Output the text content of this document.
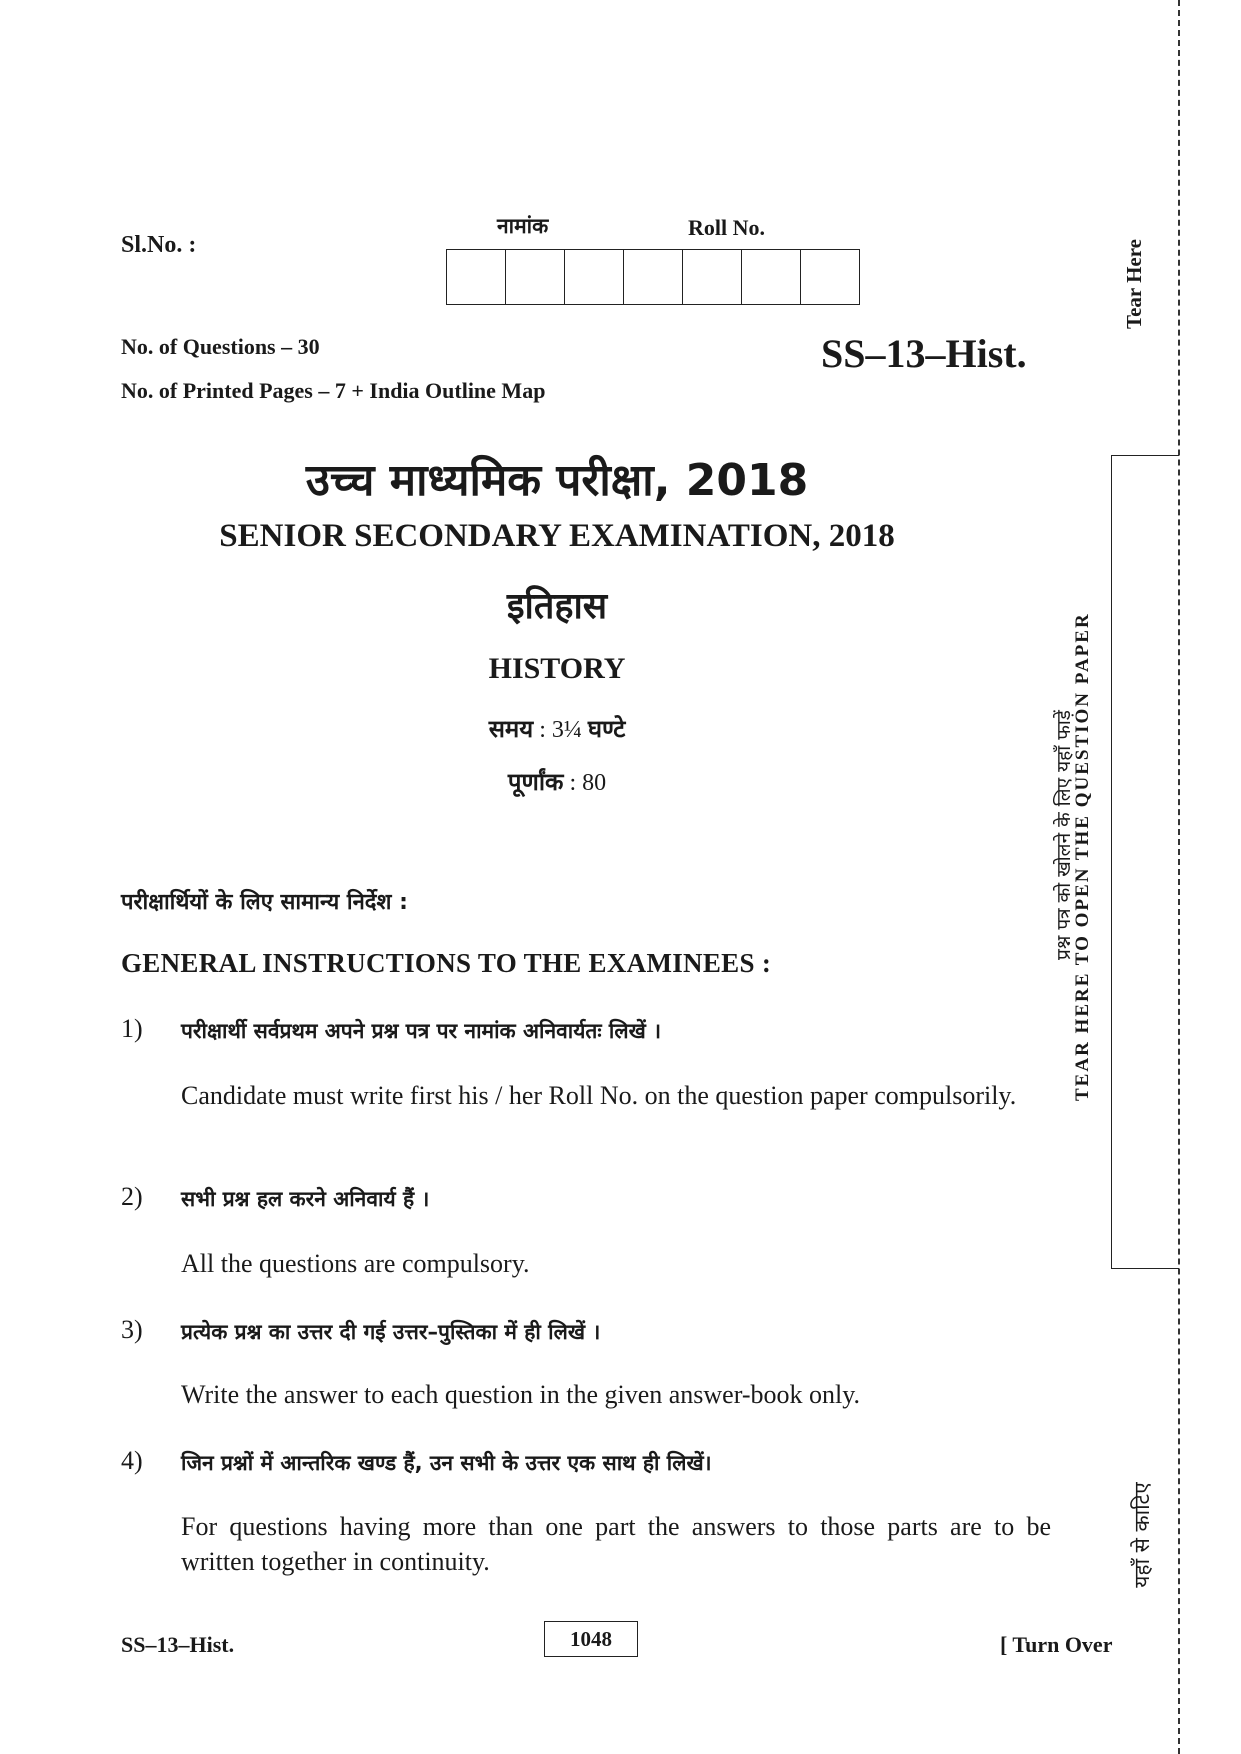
Sl.No. :
नामांक	Roll No.
No. of Questions – 30
No. of Printed Pages – 7 + India Outline Map
SS–13–Hist.
उच्च माध्यमिक परीक्षा, 2018
SENIOR SECONDARY EXAMINATION, 2018
इतिहास
HISTORY
समय : 3¼ घण्टे
पूर्णांक : 80
परीक्षार्थियों के लिए सामान्य निर्देश :
GENERAL INSTRUCTIONS TO THE EXAMINEES :
1) परीक्षार्थी सर्वप्रथम अपने प्रश्न पत्र पर नामांक अनिवार्यतः लिखें ।
Candidate must write first his / her Roll No. on the question paper compulsorily.
2) सभी प्रश्न हल करने अनिवार्य हैं ।
All the questions are compulsory.
3) प्रत्येक प्रश्न का उत्तर दी गई उत्तर–पुस्तिका में ही लिखें ।
Write the answer to each question in the given answer-book only.
4) जिन प्रश्नों में आन्तरिक खण्ड हैं, उन सभी के उत्तर एक साथ ही लिखें।
For questions having more than one part the answers to those parts are to be written together in continuity.
SS–13–Hist.	1048	[ Turn Over
Tear Here
प्रश्न पत्र को खोलने के लिए यहाँ फाड़ें
TEAR HERE TO OPEN THE QUESTION PAPER
यहाँ से काटिए
